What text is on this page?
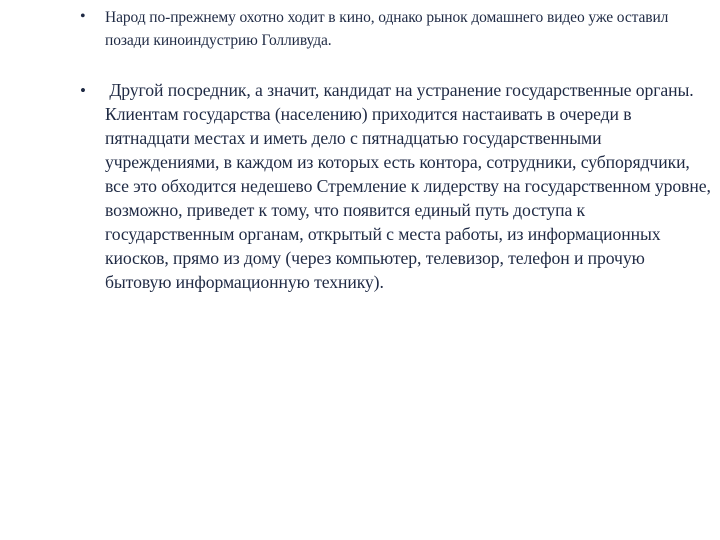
•	Народ по-прежнему охотно ходит в кино, однако рынок домашнего видео уже оставил позади киноиндустрию Голливуда.
•	Другой посредник, а значит, кандидат на устранение государственные органы. Клиентам государства (населению) приходится настаивать в очереди в пятнадцати местах и иметь дело с пятнадцатью государственными учреждениями, в каждом из которых есть контора, сотрудники, субпорядчики, все это обходится недешево Стремление к лидерству на государственном уровне, возможно, приведет к тому, что появится единый путь доступа к государственным органам, открытый с места работы, из информационных киосков, прямо из дому (через компьютер, телевизор, телефон и прочую бытовую информационную технику).
